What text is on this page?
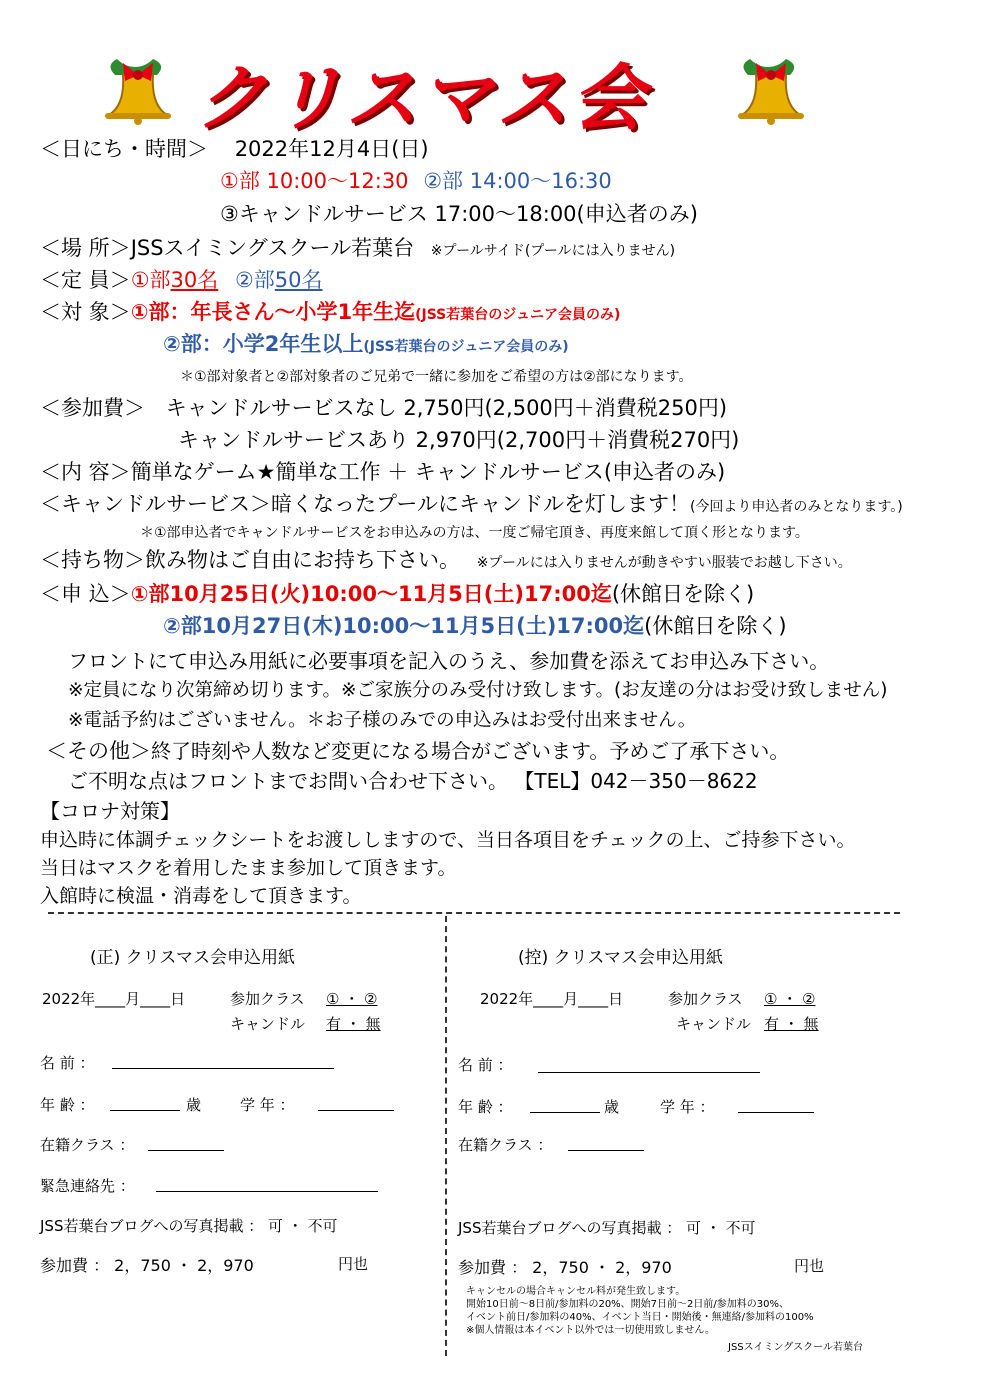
クリスマス会
＜日にち・時間＞ 2022年12月4日(日)
①部 10:00～12:30 ②部 14:00～16:30
③キャンドルサービス 17:00～18:00(申込者のみ)
＜場 所＞JSSスイミングスクール若葉台 ※プールサイド(プールには入りません)
＜定 員＞①部30名 ②部50名
＜対 象＞①部：年長さん～小学1年生迄(JSS若葉台のジュニア会員のみ)
②部：小学2年生以上(JSS若葉台のジュニア会員のみ)
＊①部対象者と②部対象者のご兄弟で一緒に参加をご希望の方は②部になります。
＜参加費＞ キャンドルサービスなし 2,750円(2,500円＋消費税250円)
キャンドルサービスあり 2,970円(2,700円＋消費税270円)
＜内 容＞簡単なゲーム★簡単な工作 ＋ キャンドルサービス(申込者のみ)
＜キャンドルサービス＞暗くなったプールにキャンドルを灯します！(今回より申込者のみとなります。)
＊①部申込者でキャンドルサービスをお申込みの方は、一度ご帰宅頂き、再度来館して頂く形となります。
＜持ち物＞飲み物はご自由にお持ち下さい。 ※プールには入りませんが動きやすい服装でお越し下さい。
＜申 込＞①部10月25日(火)10:00～11月5日(土)17:00迄(休館日を除く)
②部10月27日(木)10:00～11月5日(土)17:00迄(休館日を除く)
フロントにて申込み用紙に必要事項を記入のうえ、参加費を添えてお申込み下さい。
※定員になり次第締め切ります。※ご家族分のみ受付け致します。(お友達の分はお受け致しません)
※電話予約はございません。＊お子様のみでの申込みはお受付出来ません。
＜その他＞終了時刻や人数など変更になる場合がございます。予めご了承下さい。
ご不明な点はフロントまでお問い合わせ下さい。 【TEL】042－350－8622
【コロナ対策】
申込時に体調チェックシートをお渡ししますので、当日各項目をチェックの上、ご持参下さい。
当日はマスクを着用したまま参加して頂きます。
入館時に検温・消毒をして頂きます。
(正) クリスマス会申込用紙
2022年____月____日	参加クラス ① ・ ②
キャンドル 有 ・ 無
名 前 ：
年 齢 ：	歳	学 年 ：
在籍クラス ：
緊急連絡先 ：
JSS若葉台ブログへの写真掲載 ： 可 ・ 不可
参加費 ： 2，750 ・ 2，970	円也
(控) クリスマス会申込用紙
2022年____月____日	参加クラス ① ・ ②
キャンドル 有 ・ 無
名 前 ：
年 齢 ：	歳	学 年 ：
在籍クラス ：
JSS若葉台ブログへの写真掲載 ： 可 ・ 不可
参加費 ： 2，750 ・ 2，970	円也
キャンセルの場合キャンセル料が発生致します。
開始10日前～8日前/参加料の20%、開始7日前～2日前/参加料の30%、
イベント前日/参加料の40%、イベント当日・開始後・無連絡/参加料の100%
※個人情報は本イベント以外では一切使用致しません。
JSSスイミングスクール若葉台
